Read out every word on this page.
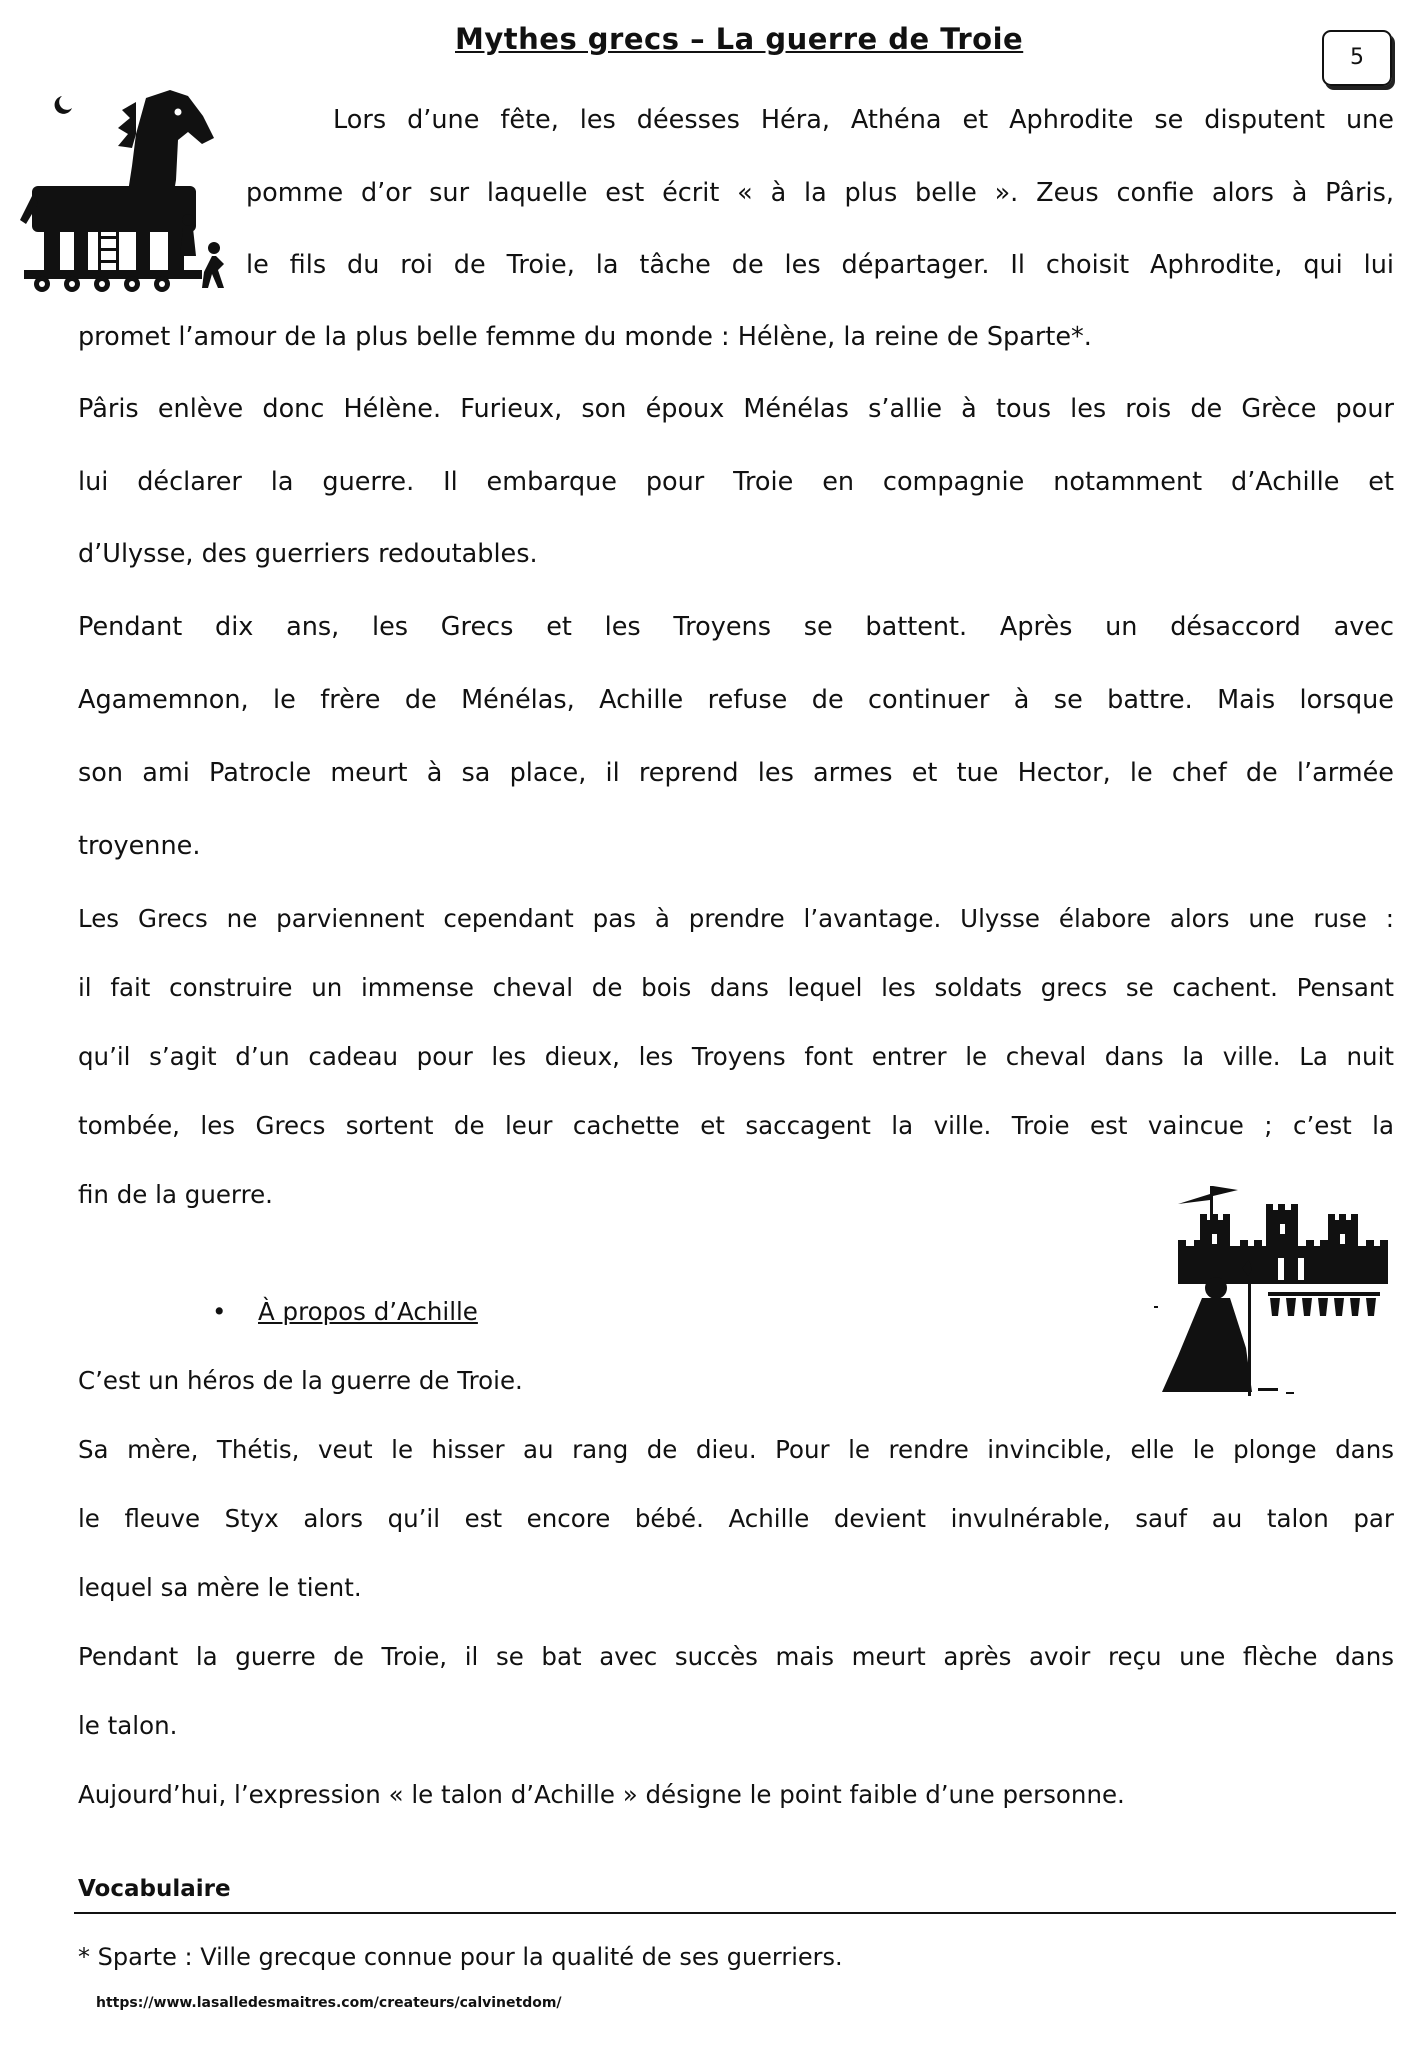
Mythes grecs – La guerre de Troie
5
Lors d’une fête, les déesses Héra, Athéna et Aphrodite se disputent une
pomme d’or sur laquelle est écrit « à la plus belle ». Zeus confie alors à Pâris,
le fils du roi de Troie, la tâche de les départager. Il choisit Aphrodite, qui lui
promet l’amour de la plus belle femme du monde : Hélène, la reine de Sparte*.
Pâris enlève donc Hélène. Furieux, son époux Ménélas s’allie à tous les rois de Grèce pour
lui déclarer la guerre. Il embarque pour Troie en compagnie notamment d’Achille et
d’Ulysse, des guerriers redoutables.
Pendant dix ans, les Grecs et les Troyens se battent. Après un désaccord avec
Agamemnon, le frère de Ménélas, Achille refuse de continuer à se battre. Mais lorsque
son ami Patrocle meurt à sa place, il reprend les armes et tue Hector, le chef de l’armée
troyenne.
Les Grecs ne parviennent cependant pas à prendre l’avantage. Ulysse élabore alors une ruse :
il fait construire un immense cheval de bois dans lequel les soldats grecs se cachent. Pensant
qu’il s’agit d’un cadeau pour les dieux, les Troyens font entrer le cheval dans la ville. La nuit
tombée, les Grecs sortent de leur cachette et saccagent la ville. Troie est vaincue ; c’est la
fin de la guerre.
• À propos d’Achille
C’est un héros de la guerre de Troie.
Sa mère, Thétis, veut le hisser au rang de dieu. Pour le rendre invincible, elle le plonge dans
le fleuve Styx alors qu’il est encore bébé. Achille devient invulnérable, sauf au talon par
lequel sa mère le tient.
Pendant la guerre de Troie, il se bat avec succès mais meurt après avoir reçu une flèche dans
le talon.
Aujourd’hui, l’expression « le talon d’Achille » désigne le point faible d’une personne.
Vocabulaire
* Sparte : Ville grecque connue pour la qualité de ses guerriers.
https://www.lasalledesmaitres.com/createurs/calvinetdom/
